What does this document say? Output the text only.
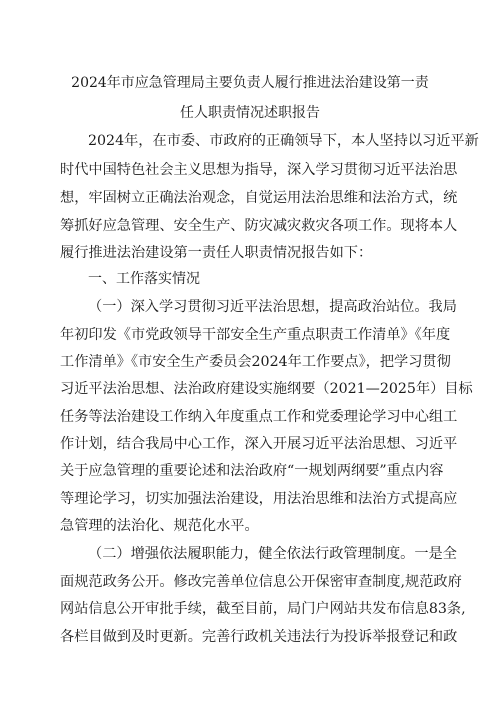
2024年市应急管理局主要负责人履行推进法治建设第一责
任人职责情况述职报告
2024年，在市委、市政府的正确领导下，本人坚持以习近平新
时代中国特色社会主义思想为指导，深入学习贯彻习近平法治思
想，牢固树立正确法治观念，自觉运用法治思维和法治方式，统
筹抓好应急管理、安全生产、防灾减灾救灾各项工作。现将本人
履行推进法治建设第一责任人职责情况报告如下：
一、工作落实情况
（一）深入学习贯彻习近平法治思想，提高政治站位。我局
年初印发《市党政领导干部安全生产重点职责工作清单》《年度
工作清单》《市安全生产委员会2024年工作要点》，把学习贯彻
习近平法治思想、法治政府建设实施纲要（2021—2025年）目标
任务等法治建设工作纳入年度重点工作和党委理论学习中心组工
作计划，结合我局中心工作，深入开展习近平法治思想、习近平
关于应急管理的重要论述和法治政府“一规划两纲要”重点内容
等理论学习，切实加强法治建设，用法治思维和法治方式提高应
急管理的法治化、规范化水平。
（二）增强依法履职能力，健全依法行政管理制度。一是全
面规范政务公开。修改完善单位信息公开保密审查制度,规范政府
网站信息公开审批手续，截至目前，局门户网站共发布信息83条,
各栏目做到及时更新。完善行政机关违法行为投诉举报登记和政
